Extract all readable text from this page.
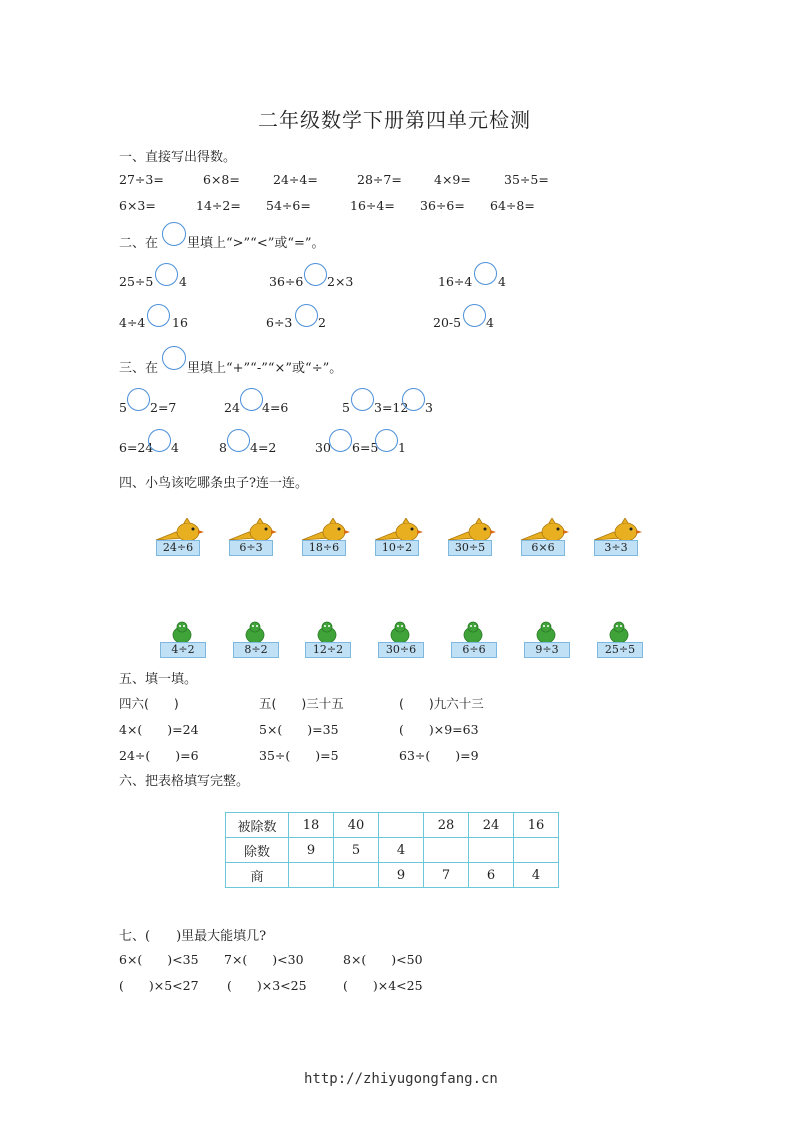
二年级数学下册第四单元检测
一、直接写出得数。
27÷3=	6×8=	24÷4=	28÷7=	4×9=	35÷5=
6×3=	14÷2= 54÷6=	16÷4= 36÷6= 64÷8=
二、在 里填上“>”“<”或“=”。
25÷5 4	36÷6 2×3	16÷4 4
4÷4 16	6÷3 2	20-5 4
三、在 里填上“+”“-”“×”或“÷”。
5 2=7	24 4=6	5 3=12 3
6=24 4	8 4=2	30 6=5 1
四、小鸟该吃哪条虫子?连一连。
24÷6	6÷3	18÷6	10÷2	30÷5	6×6	3÷3
4÷2	8÷2	12÷2	30÷6	6÷6	9÷3	25÷5
五、填一填。
四六(　　)	五(　　)三十五	(　　)九六十三
4×(　　)=24	5×(　　)=35	(　　)×9=63
24÷(　　)=6	35÷(　　)=5	63÷(　　)=9
六、把表格填写完整。
被除数	18	40		28	24	16
除数	9	5	4			
商			9	7	6	4
七、(　　)里最大能填几?
6×(　　)<35 7×(　　)<30	8×(　　)<50
(　　)×5<27 (　　)×3<25	(　　)×4<25
http://zhiyugongfang.cn
